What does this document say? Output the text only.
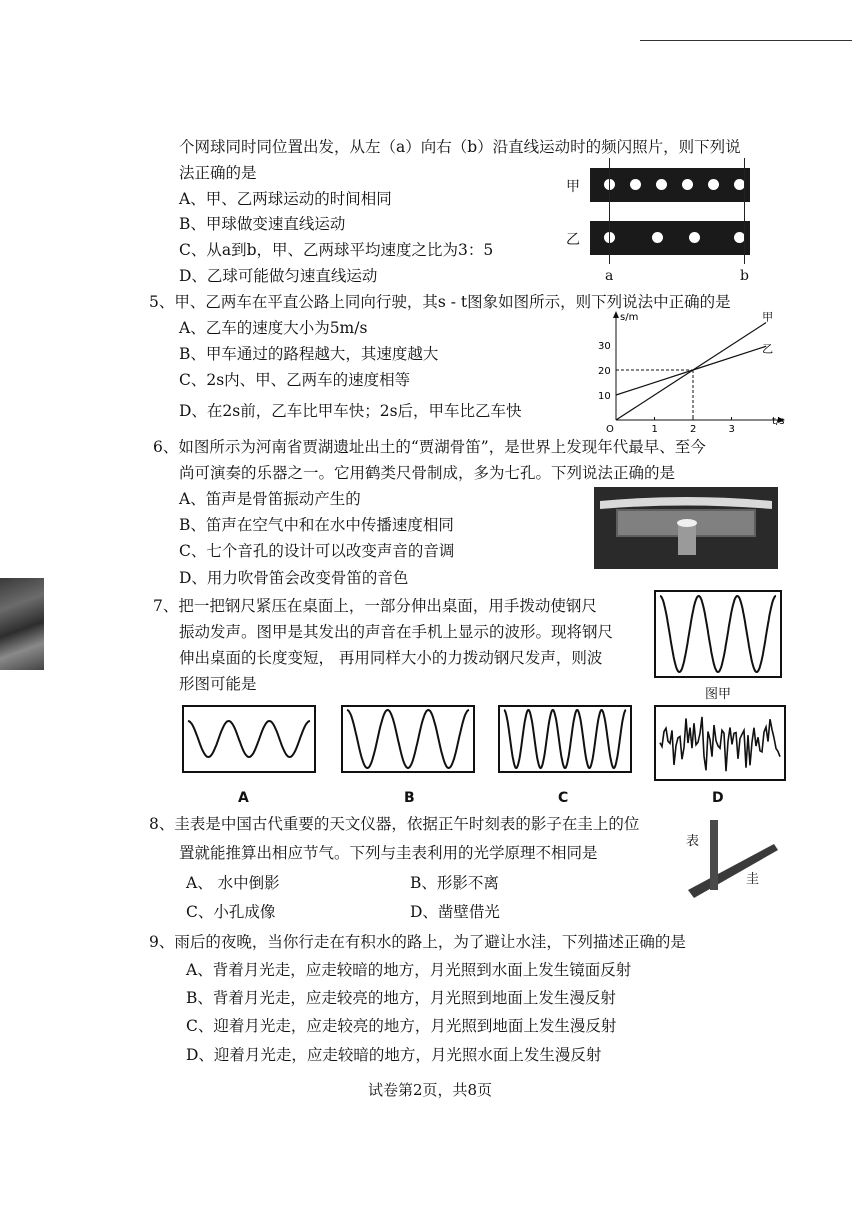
个网球同时同位置出发，从左（a）向右（b）沿直线运动时的频闪照片，则下列说
法正确的是
A、甲、乙两球运动的时间相同
B、甲球做变速直线运动
C、从a到b，甲、乙两球平均速度之比为3：5
D、乙球可能做匀速直线运动
甲
乙
a	b
5、甲、乙两车在平直公路上同向行驶，其s - t图象如图所示，则下列说法中正确的是
A、乙车的速度大小为5m/s
B、甲车通过的路程越大，其速度越大
C、2s内、甲、乙两车的速度相等
D、在2s前，乙车比甲车快；2s后，甲车比乙车快
s/m
t/s
O
10
20
30
1	2	3
甲
乙
6、如图所示为河南省贾湖遗址出土的“贾湖骨笛”，是世界上发现年代最早、至今
尚可演奏的乐器之一。它用鹤类尺骨制成，多为七孔。下列说法正确的是
A、笛声是骨笛振动产生的
B、笛声在空气中和在水中传播速度相同
C、七个音孔的设计可以改变声音的音调
D、用力吹骨笛会改变骨笛的音色
7、把一把钢尺紧压在桌面上，一部分伸出桌面，用手拨动使钢尺
振动发声。图甲是其发出的声音在手机上显示的波形。现将钢尺
伸出桌面的长度变短， 再用同样大小的力拨动钢尺发声，则波
形图可能是
图甲
A	B	C	D
8、圭表是中国古代重要的天文仪器，依据正午时刻表的影子在圭上的位
置就能推算出相应节气。下列与圭表利用的光学原理不相同是
A、 水中倒影	B、形影不离
C、小孔成像	D、凿壁借光
表
圭
9、雨后的夜晚，当你行走在有积水的路上，为了避让水洼，下列描述正确的是
A、背着月光走，应走较暗的地方，月光照到水面上发生镜面反射
B、背着月光走，应走较亮的地方，月光照到地面上发生漫反射
C、迎着月光走，应走较亮的地方，月光照到地面上发生漫反射
D、迎着月光走，应走较暗的地方，月光照水面上发生漫反射
试卷第2页，共8页
